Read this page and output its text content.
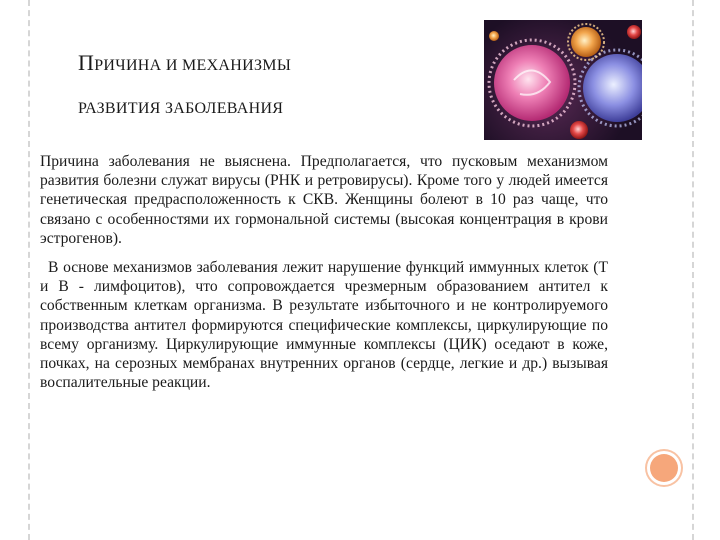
ПРИЧИНА И МЕХАНИЗМЫ
РАЗВИТИЯ ЗАБОЛЕВАНИЯ

Причина заболевания не выяснена. Предполагается, что пусковым механизмом развития болезни служат вирусы (РНК и ретровирусы). Кроме того у людей имеется генетическая предрасположенность к СКВ. Женщины болеют в 10 раз чаще, что связано с особенностями их гормональной системы (высокая концентрация в крови эстрогенов).

В основе механизмов заболевания лежит нарушение функций иммунных клеток (Т и В - лимфоцитов), что сопровождается чрезмерным образованием антител к собственным клеткам организма. В результате избыточного и не контролируемого производства антител формируются специфические комплексы, циркулирующие по всему организму. Циркулирующие иммунные комплексы (ЦИК) оседают в коже, почках, на серозных мембранах внутренних органов (сердце, легкие и др.) вызывая воспалительные реакции.
